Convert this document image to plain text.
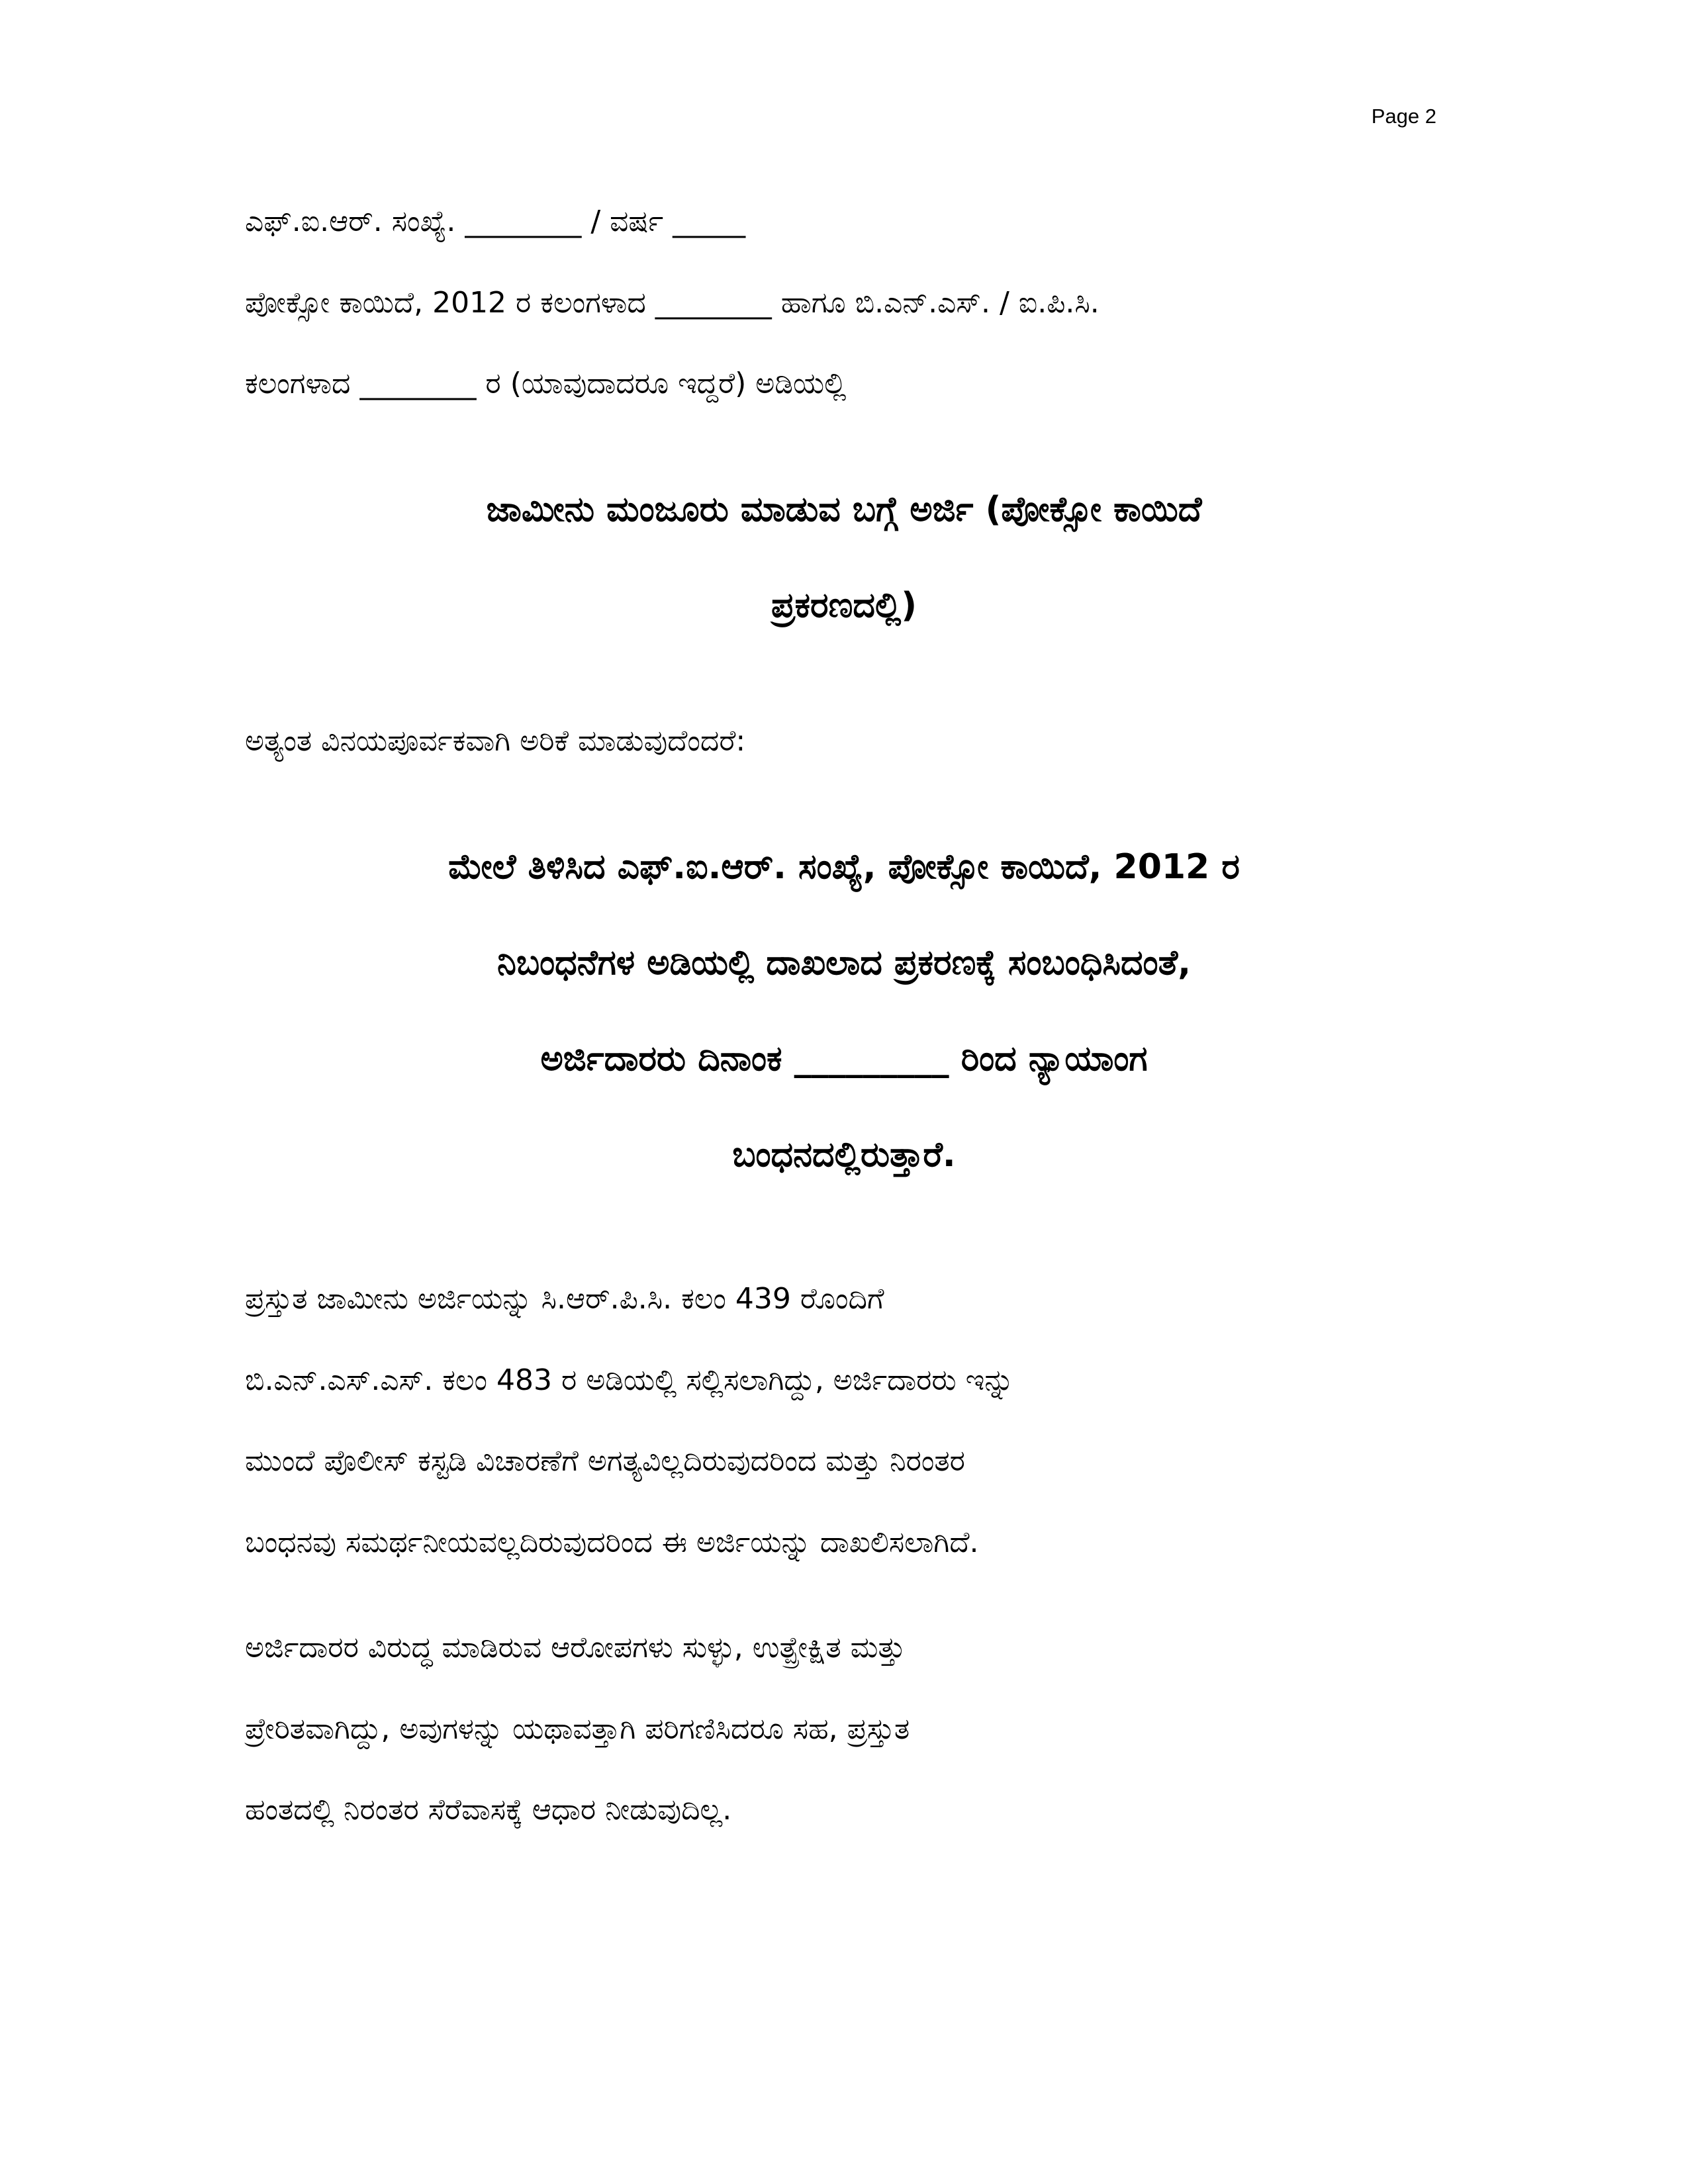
Page 2
ಎಫ್.ಐ.ಆರ್. ಸಂಖ್ಯೆ. ________ / ವರ್ಷ _____
ಪೋಕ್ಸೋ ಕಾಯಿದೆ, 2012 ರ ಕಲಂಗಳಾದ ________ ಹಾಗೂ ಬಿ.ಎನ್.ಎಸ್. / ಐ.ಪಿ.ಸಿ.
ಕಲಂಗಳಾದ ________ ರ (ಯಾವುದಾದರೂ ಇದ್ದರೆ) ಅಡಿಯಲ್ಲಿ
ಜಾಮೀನು ಮಂಜೂರು ಮಾಡುವ ಬಗ್ಗೆ ಅರ್ಜಿ (ಪೋಕ್ಸೋ ಕಾಯಿದೆ
ಪ್ರಕರಣದಲ್ಲಿ)
ಅತ್ಯಂತ ವಿನಯಪೂರ್ವಕವಾಗಿ ಅರಿಕೆ ಮಾಡುವುದೆಂದರೆ:
ಮೇಲೆ ತಿಳಿಸಿದ ಎಫ್.ಐ.ಆರ್. ಸಂಖ್ಯೆ, ಪೋಕ್ಸೋ ಕಾಯಿದೆ, 2012 ರ
ನಿಬಂಧನೆಗಳ ಅಡಿಯಲ್ಲಿ ದಾಖಲಾದ ಪ್ರಕರಣಕ್ಕೆ ಸಂಬಂಧಿಸಿದಂತೆ,
ಅರ್ಜಿದಾರರು ದಿನಾಂಕ _________ ರಿಂದ ನ್ಯಾಯಾಂಗ
ಬಂಧನದಲ್ಲಿರುತ್ತಾರೆ.
ಪ್ರಸ್ತುತ ಜಾಮೀನು ಅರ್ಜಿಯನ್ನು ಸಿ.ಆರ್.ಪಿ.ಸಿ. ಕಲಂ 439 ರೊಂದಿಗೆ
ಬಿ.ಎನ್.ಎಸ್.ಎಸ್. ಕಲಂ 483 ರ ಅಡಿಯಲ್ಲಿ ಸಲ್ಲಿಸಲಾಗಿದ್ದು, ಅರ್ಜಿದಾರರು ಇನ್ನು
ಮುಂದೆ ಪೊಲೀಸ್ ಕಸ್ಟಡಿ ವಿಚಾರಣೆಗೆ ಅಗತ್ಯವಿಲ್ಲದಿರುವುದರಿಂದ ಮತ್ತು ನಿರಂತರ
ಬಂಧನವು ಸಮರ್ಥನೀಯವಲ್ಲದಿರುವುದರಿಂದ ಈ ಅರ್ಜಿಯನ್ನು ದಾಖಲಿಸಲಾಗಿದೆ.
ಅರ್ಜಿದಾರರ ವಿರುದ್ಧ ಮಾಡಿರುವ ಆರೋಪಗಳು ಸುಳ್ಳು, ಉತ್ಪ್ರೇಕ್ಷಿತ ಮತ್ತು
ಪ್ರೇರಿತವಾಗಿದ್ದು, ಅವುಗಳನ್ನು ಯಥಾವತ್ತಾಗಿ ಪರಿಗಣಿಸಿದರೂ ಸಹ, ಪ್ರಸ್ತುತ
ಹಂತದಲ್ಲಿ ನಿರಂತರ ಸೆರೆವಾಸಕ್ಕೆ ಆಧಾರ ನೀಡುವುದಿಲ್ಲ.
